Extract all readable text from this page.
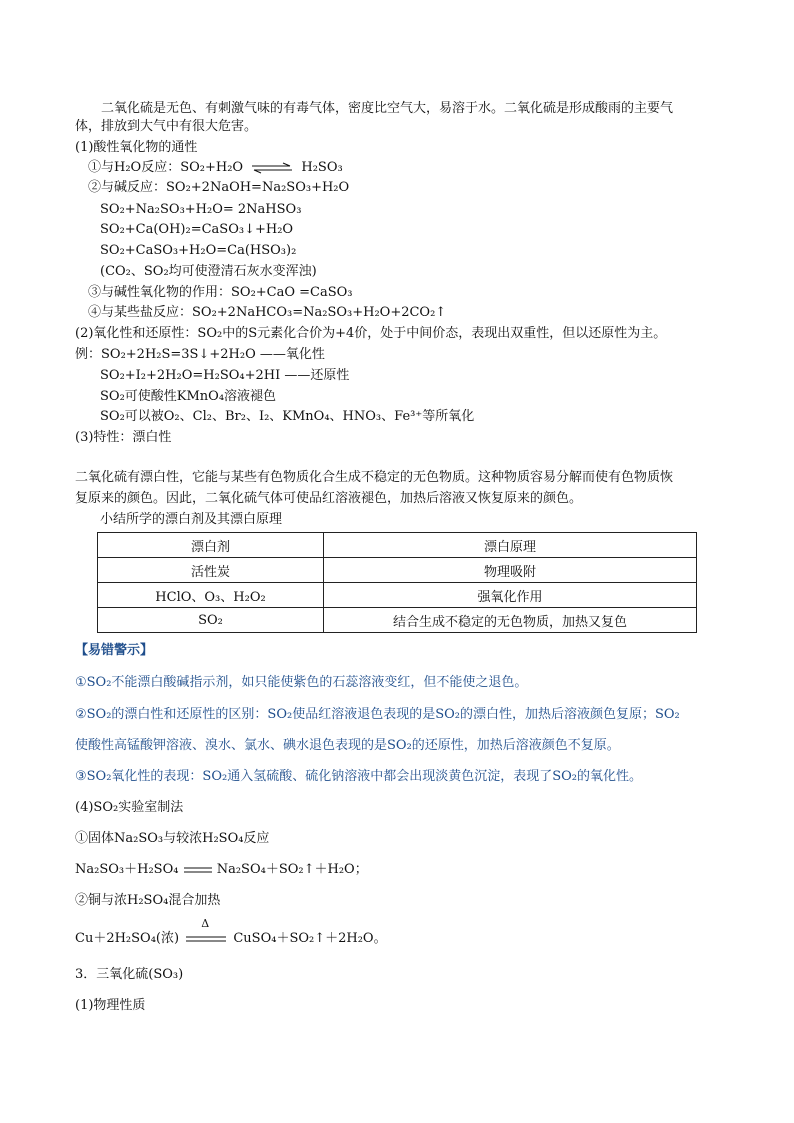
　　二氧化硫是无色、有刺激气味的有毒气体，密度比空气大，易溶于水。二氧化硫是形成酸雨的主要气
体，排放到大气中有很大危害。
(1)酸性氧化物的通性
①与H₂O反应：SO₂+H₂O ⇌ H₂SO₃
②与碱反应：SO₂+2NaOH=Na₂SO₃+H₂O
SO₂+Na₂SO₃+H₂O= 2NaHSO₃
SO₂+Ca(OH)₂=CaSO₃↓+H₂O
SO₂+CaSO₃+H₂O=Ca(HSO₃)₂
(CO₂、SO₂均可使澄清石灰水变浑浊)
③与碱性氧化物的作用：SO₂+CaO =CaSO₃
④与某些盐反应：SO₂+2NaHCO₃=Na₂SO₃+H₂O+2CO₂↑
(2)氧化性和还原性：SO₂中的S元素化合价为+4价，处于中间价态，表现出双重性，但以还原性为主。
例：SO₂+2H₂S=3S↓+2H₂O ——氧化性
SO₂+I₂+2H₂O=H₂SO₄+2HI ——还原性
SO₂可使酸性KMnO₄溶液褪色
SO₂可以被O₂、Cl₂、Br₂、I₂、KMnO₄、HNO₃、Fe³⁺等所氧化
(3)特性：漂白性
二氧化硫有漂白性，它能与某些有色物质化合生成不稳定的无色物质。这种物质容易分解而使有色物质恢
复原来的颜色。因此，二氧化硫气体可使品红溶液褪色，加热后溶液又恢复原来的颜色。
小结所学的漂白剂及其漂白原理
漂白剂	漂白原理
活性炭	物理吸附
HClO、O₃、H₂O₂	强氧化作用
SO₂	结合生成不稳定的无色物质，加热又复色
【易错警示】
①SO₂不能漂白酸碱指示剂，如只能使紫色的石蕊溶液变红，但不能使之退色。
②SO₂的漂白性和还原性的区别：SO₂使品红溶液退色表现的是SO₂的漂白性，加热后溶液颜色复原；SO₂
使酸性高锰酸钾溶液、溴水、氯水、碘水退色表现的是SO₂的还原性，加热后溶液颜色不复原。
③SO₂氧化性的表现：SO₂通入氢硫酸、硫化钠溶液中都会出现淡黄色沉淀，表现了SO₂的氧化性。
(4)SO₂实验室制法
①固体Na₂SO₃与较浓H₂SO₄反应
Na₂SO₃＋H₂SO₄	Na₂SO₄＋SO₂↑＋H₂O；
②铜与浓H₂SO₄混合加热
Cu＋2H₂SO₄(浓)
Δ
CuSO₄＋SO₂↑＋2H₂O。
3．三氧化硫(SO₃)
(1)物理性质
